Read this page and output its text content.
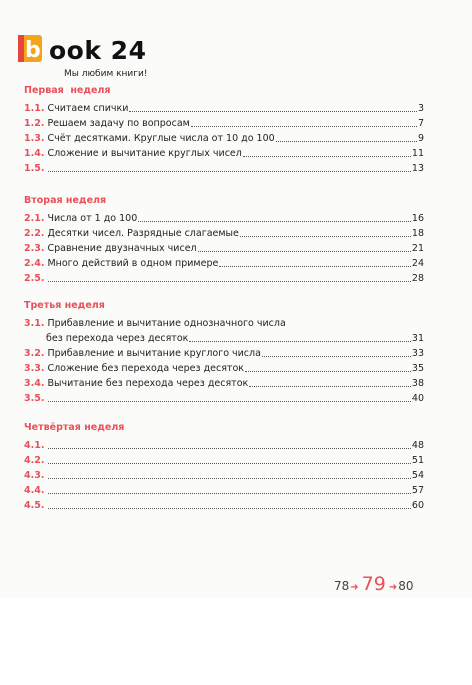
b ook 24
Мы любим книги!
Первая  неделя
1.1. Считаем спички	3
1.2. Решаем задачу по вопросам	7
1.3. Счёт десятками. Круглые числа от 10 до 100	9
1.4. Сложение и вычитание круглых чисел	11
1.5.	13
Вторая неделя
2.1. Числа от 1 до 100	16
2.2. Десятки чисел. Разрядные слагаемые	18
2.3. Сравнение двузначных чисел	21
2.4. Много действий в одном примере	24
2.5.	28
Третья неделя
3.1. Прибавление и вычитание однозначного числа
без перехода через десяток	31
3.2. Прибавление и вычитание круглого числа	33
3.3. Сложение без перехода через десяток	35
3.4. Вычитание без перехода через десяток	38
3.5.	40
Четвёртая неделя
4.1.	48
4.2.	51
4.3.	54
4.4.	57
4.5.	60
78 ➜ 79 ➜ 80
